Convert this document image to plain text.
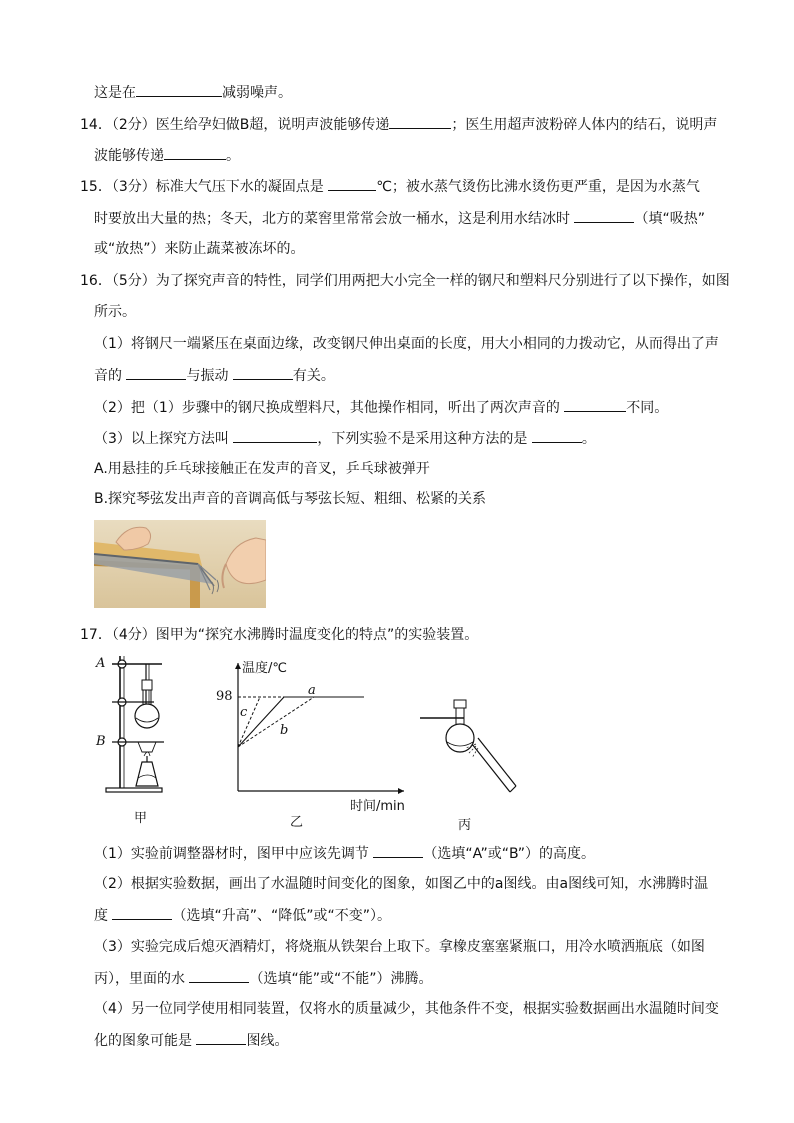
这是在	减弱噪声。
14．（2分）医生给孕妇做B超，说明声波能够传递	；医生用超声波粉碎人体内的结石，说明声
波能够传递	。
15．（3分）标准大气压下水的凝固点是	℃；被水蒸气烫伤比沸水烫伤更严重，是因为水蒸气
时要放出大量的热；冬天，北方的菜窖里常常会放一桶水，这是利用水结冰时	（填“吸热”
或“放热”）来防止蔬菜被冻坏的。
16．（5分）为了探究声音的特性，同学们用两把大小完全一样的钢尺和塑料尺分别进行了以下操作，如图
所示。
（1）将钢尺一端紧压在桌面边缘，改变钢尺伸出桌面的长度，用大小相同的力拨动它，从而得出了声
音的	与振动	有关。
（2）把（1）步骤中的钢尺换成塑料尺，其他操作相同，听出了两次声音的	不同。
（3）以上探究方法叫	，下列实验不是采用这种方法的是	。
A.用悬挂的乒乓球接触正在发声的音叉，乒乓球被弹开
B.探究琴弦发出声音的音调高低与琴弦长短、粗细、松紧的关系
17．（4分）图甲为“探究水沸腾时温度变化的特点”的实验装置。
A
B
甲
温度/℃
98	a
b
c
时间/min
乙	丙
（1）实验前调整器材时，图甲中应该先调节	（选填“A”或“B”）的高度。
（2）根据实验数据，画出了水温随时间变化的图象，如图乙中的a图线。由a图线可知，水沸腾时温
度	（选填“升高”、“降低”或“不变”）。
（3）实验完成后熄灭酒精灯，将烧瓶从铁架台上取下。拿橡皮塞塞紧瓶口，用冷水喷洒瓶底（如图
丙），里面的水	（选填“能”或“不能”）沸腾。
（4）另一位同学使用相同装置，仅将水的质量减少，其他条件不变，根据实验数据画出水温随时间变
化的图象可能是	图线。
